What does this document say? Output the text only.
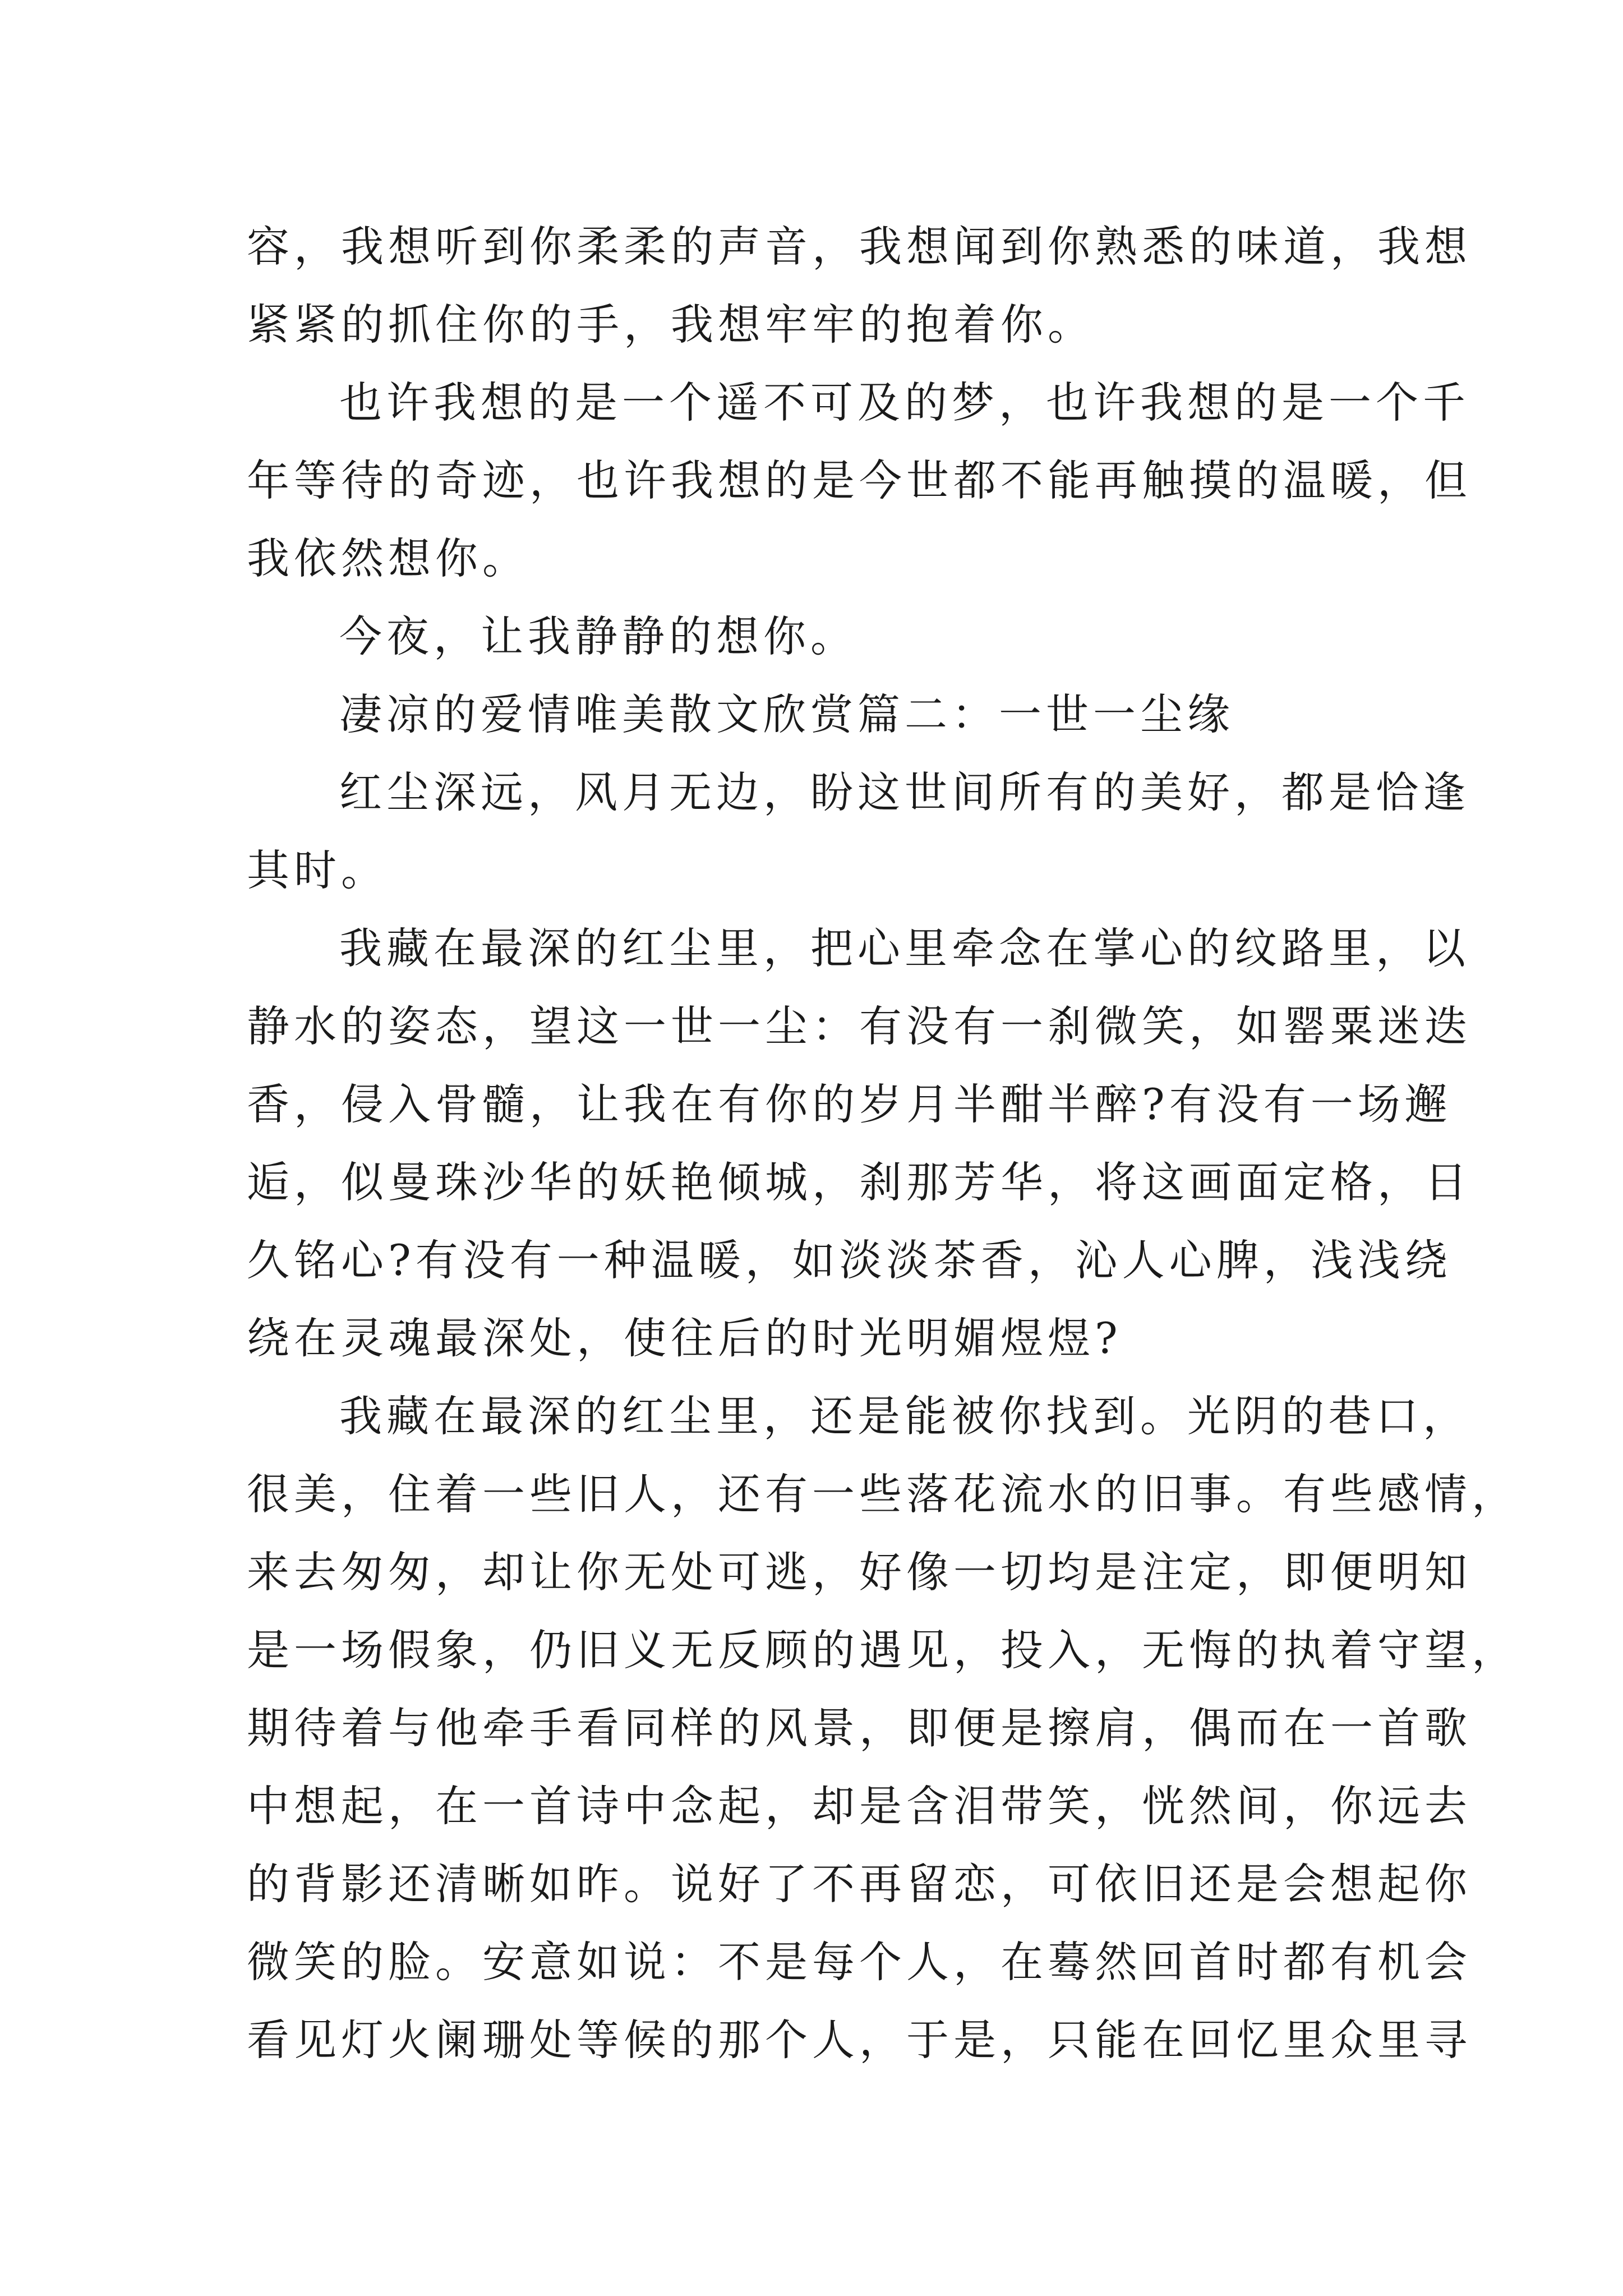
容，我想听到你柔柔的声音，我想闻到你熟悉的味道，我想
紧紧的抓住你的手，我想牢牢的抱着你。
也许我想的是一个遥不可及的梦，也许我想的是一个千
年等待的奇迹，也许我想的是今世都不能再触摸的温暖，但
我依然想你。
今夜，让我静静的想你。
凄凉的爱情唯美散文欣赏篇二：一世一尘缘
红尘深远，风月无边，盼这世间所有的美好，都是恰逢
其时。
我藏在最深的红尘里，把心里牵念在掌心的纹路里，以
静水的姿态，望这一世一尘：有没有一刹微笑，如罂粟迷迭
香，侵入骨髓，让我在有你的岁月半酣半醉?有没有一场邂
逅，似曼珠沙华的妖艳倾城，刹那芳华，将这画面定格，日
久铭心?有没有一种温暖，如淡淡茶香，沁人心脾，浅浅绕
绕在灵魂最深处，使往后的时光明媚煜煜?
我藏在最深的红尘里，还是能被你找到。光阴的巷口，
很美，住着一些旧人，还有一些落花流水的旧事。有些感情，
来去匆匆，却让你无处可逃，好像一切均是注定，即便明知
是一场假象，仍旧义无反顾的遇见，投入，无悔的执着守望，
期待着与他牵手看同样的风景，即便是擦肩，偶而在一首歌
中想起，在一首诗中念起，却是含泪带笑，恍然间，你远去
的背影还清晰如昨。说好了不再留恋，可依旧还是会想起你
微笑的脸。安意如说：不是每个人，在蓦然回首时都有机会
看见灯火阑珊处等候的那个人，于是，只能在回忆里众里寻
